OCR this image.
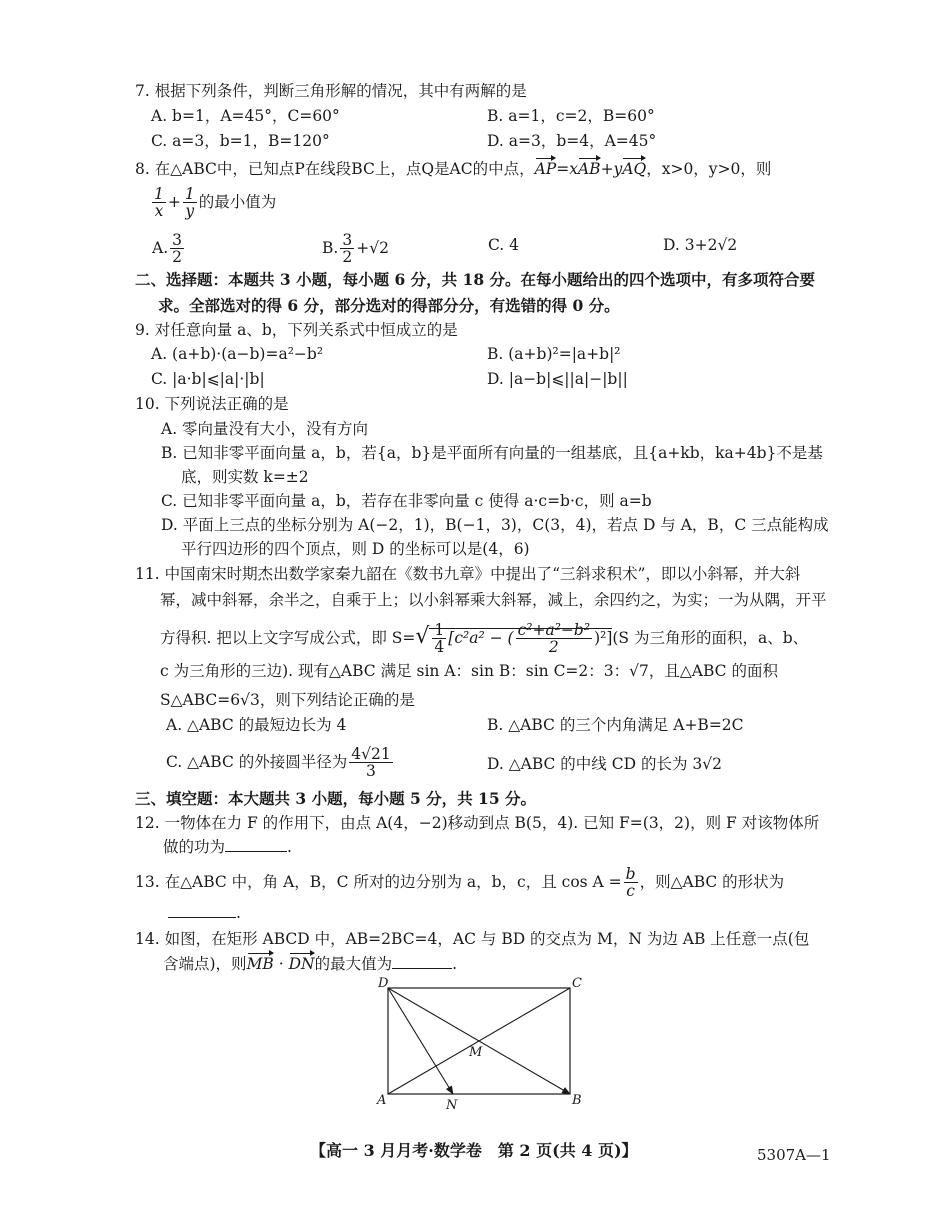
7. 根据下列条件，判断三角形解的情况，其中有两解的是
A. b=1，A=45°，C=60°	B. a=1，c=2，B=60°
C. a=3，b=1，B=120°	D. a=3，b=4，A=45°
8. 在△ABC中，已知点P在线段BC上，点Q是AC的中点，AP=xAB+yAQ，x>0，y>0，则
$\frac{1}{x} + \frac{1}{y}$ 的最小值为
A. $\frac{3}{2}$	B. $\frac{3}{2} +√2$	C. 4	D. 3+2√2
二、选择题：本题共 3 小题，每小题 6 分，共 18 分。在每小题给出的四个选项中，有多项符合要
求。全部选对的得 6 分，部分选对的得部分分，有选错的得 0 分。
9. 对任意向量 a、b，下列关系式中恒成立的是
A. (a+b)·(a−b)=a²−b²	B. (a+b)²=|a+b|²
C. |a·b|⩽|a|·|b|	D. |a−b|⩽||a|−|b||
10. 下列说法正确的是
A. 零向量没有大小，没有方向
B. 已知非零平面向量 a，b，若{a，b}是平面所有向量的一组基底，且{a+kb，ka+4b}不是基
底，则实数 k=±2
C. 已知非零平面向量 a，b，若存在非零向量 c 使得 a·c=b·c，则 a=b
D. 平面上三点的坐标分别为 A(−2，1)，B(−1，3)，C(3，4)，若点 D 与 A，B，C 三点能构成
平行四边形的四个顶点，则 D 的坐标可以是(4，6)
11. 中国南宋时期杰出数学家秦九韶在《数书九章》中提出了“三斜求积术”，即以小斜幂，并大斜
幂，减中斜幂，余半之，自乘于上；以小斜幂乘大斜幂，减上，余四约之，为实；一为从隅，开平
方得积. 把以上文字写成公式，即 $S=√ \frac{1}{4} [c^2a^2$ − ( $\frac{\text{c²+a²−b²}}{2} )^2](S$ 为三角形的面积，a、b、
c 为三角形的三边). 现有△ABC 满足 sin A：sin B：sin C=2：3：√7，且△ABC 的面积
S△ABC=6√3，则下列结论正确的是
A. △ABC 的最短边长为 4	B. △ABC 的三个内角满足 A+B=2C
C. △ABC 的外接圆半径为 $\frac{4√21}{3}$	D. △ABC 的中线 CD 的长为 3√2
三、填空题：本大题共 3 小题，每小题 5 分，共 15 分。
12. 一物体在力 F 的作用下，由点 A(4，−2)移动到点 B(5，4). 已知 F=(3，2)，则 F 对该物体所
做的功为	.
13. 在△ABC 中，角 A，B，C 所对的边分别为 a，b，c，且 $\cos A = \frac{b}{c}$ ，则△ABC 的形状为
.
14. 如图，在矩形 ABCD 中，AB=2BC=4，AC 与 BD 的交点为 M，N 为边 AB 上任意一点(包
含端点)，则MB · DN的最大值为	.
D	C
M
A	N	B
【高一 3 月月考·数学卷　第 2 页(共 4 页)】	5307A—1
